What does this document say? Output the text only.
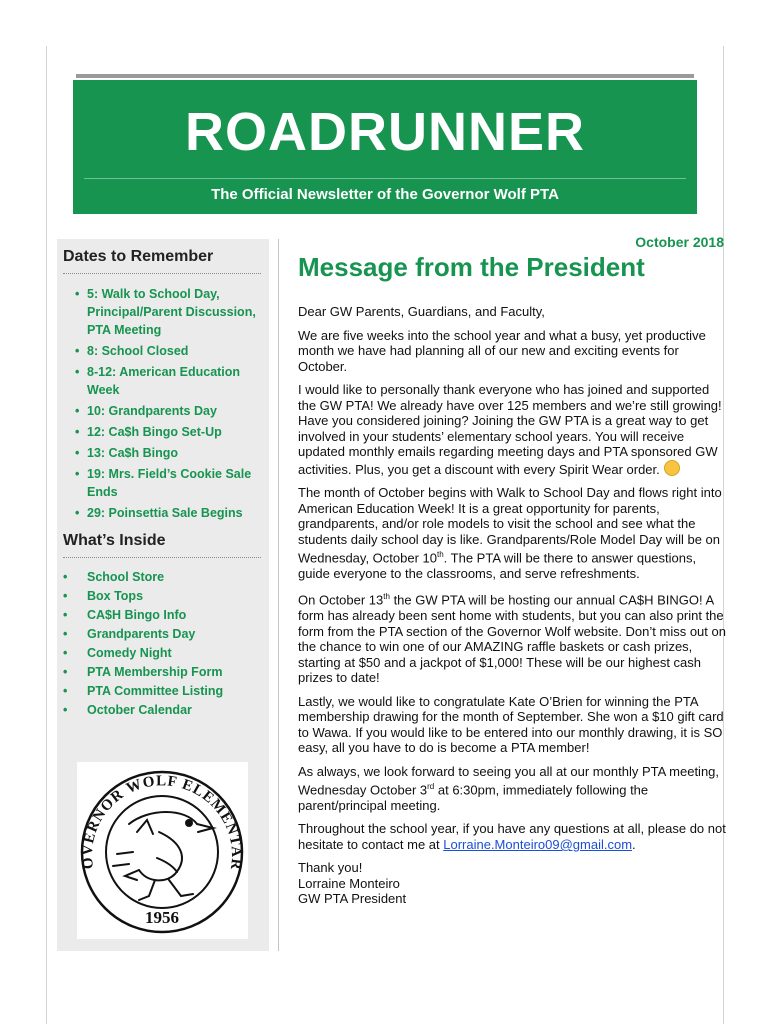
ROADRUNNER
The Official Newsletter of the Governor Wolf PTA
Dates to Remember
• 5: Walk to School Day, Principal/Parent Discussion, PTA Meeting
• 8: School Closed
• 8-12: American Education Week
• 10: Grandparents Day
• 12: Ca$h Bingo Set-Up
• 13: Ca$h Bingo
• 19: Mrs. Field’s Cookie Sale Ends
• 29: Poinsettia Sale Begins
What’s Inside
• School Store
• Box Tops
• CA$H Bingo Info
• Grandparents Day
• Comedy Night
• PTA Membership Form
• PTA Committee Listing
• October Calendar
OVERNOR WOLF ELEMENTAR
1956
October 2018
Message from the President

Dear GW Parents, Guardians, and Faculty,

We are five weeks into the school year and what a busy, yet productive month we have had planning all of our new and exciting events for October.

I would like to personally thank everyone who has joined and supported the GW PTA! We already have over 125 members and we’re still growing! Have you considered joining? Joining the GW PTA is a great way to get involved in your students’ elementary school years. You will receive updated monthly emails regarding meeting days and PTA sponsored GW activities. Plus, you get a discount with every Spirit Wear order.

The month of October begins with Walk to School Day and flows right into American Education Week! It is a great opportunity for parents, grandparents, and/or role models to visit the school and see what the students daily school day is like. Grandparents/Role Model Day will be on Wednesday, October 10th. The PTA will be there to answer questions, guide everyone to the classrooms, and serve refreshments.

On October 13th the GW PTA will be hosting our annual CA$H BINGO! A form has already been sent home with students, but you can also print the form from the PTA section of the Governor Wolf website. Don’t miss out on the chance to win one of our AMAZING raffle baskets or cash prizes, starting at $50 and a jackpot of $1,000! These will be our highest cash prizes to date!

Lastly, we would like to congratulate Kate O’Brien for winning the PTA membership drawing for the month of September. She won a $10 gift card to Wawa. If you would like to be entered into our monthly drawing, it is SO easy, all you have to do is become a PTA member!

As always, we look forward to seeing you all at our monthly PTA meeting, Wednesday October 3rd at 6:30pm, immediately following the parent/principal meeting.

Throughout the school year, if you have any questions at all, please do not hesitate to contact me at Lorraine.Monteiro09@gmail.com.

Thank you!
Lorraine Monteiro
GW PTA President
